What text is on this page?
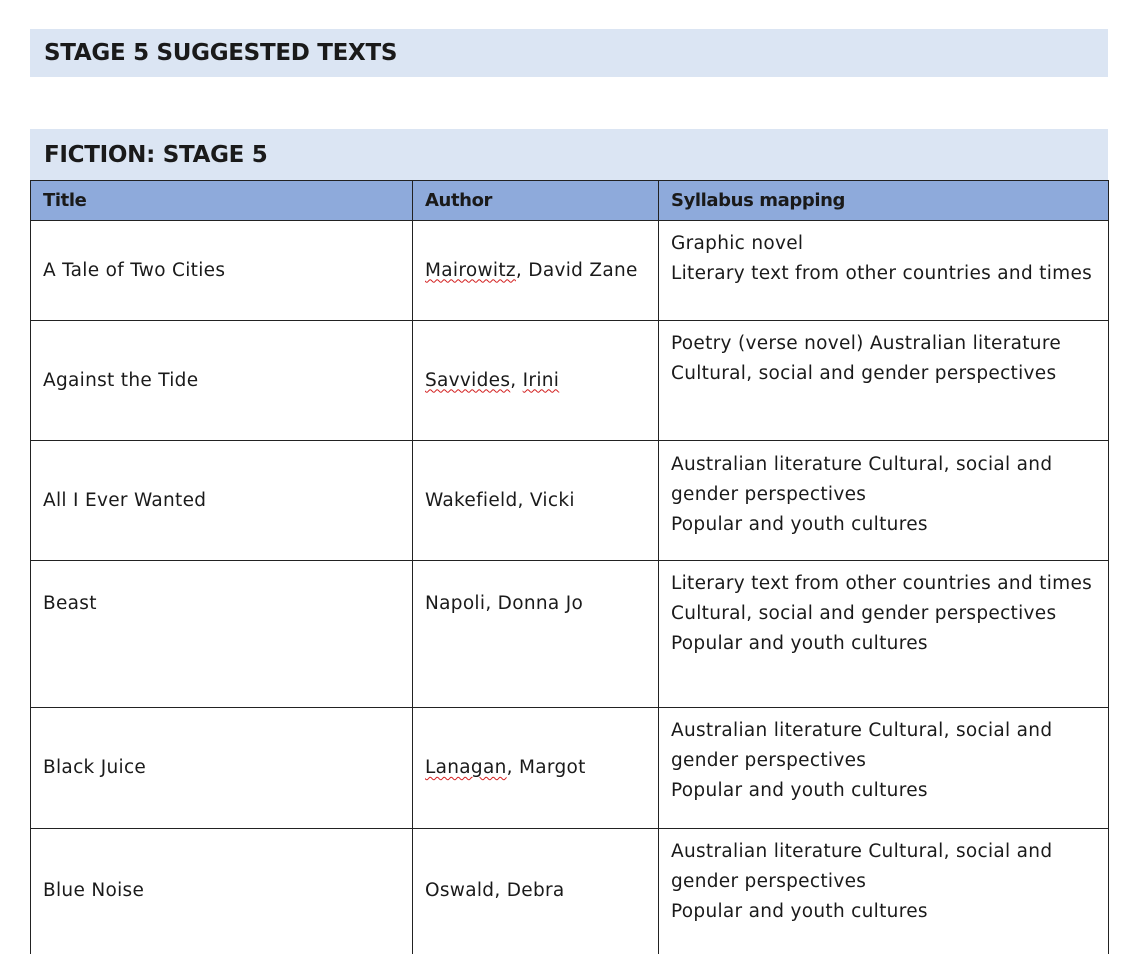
STAGE 5 SUGGESTED TEXTS
FICTION: STAGE 5
Title	Author	Syllabus mapping
A Tale of Two Cities	Mairowitz, David Zane	Graphic novel
Literary text from other countries and times

Against the Tide	Savvides, Irini	Poetry (verse novel) Australian literature
Cultural, social and gender perspectives

All I Ever Wanted	Wakefield, Vicki	Australian literature Cultural, social and gender perspectives
Popular and youth cultures

Beast	Napoli, Donna Jo	Literary text from other countries and times Cultural, social and gender perspectives
Popular and youth cultures

Black Juice	Lanagan, Margot	Australian literature Cultural, social and gender perspectives
Popular and youth cultures

Blue Noise	Oswald, Debra	Australian literature Cultural, social and gender perspectives
Popular and youth cultures
